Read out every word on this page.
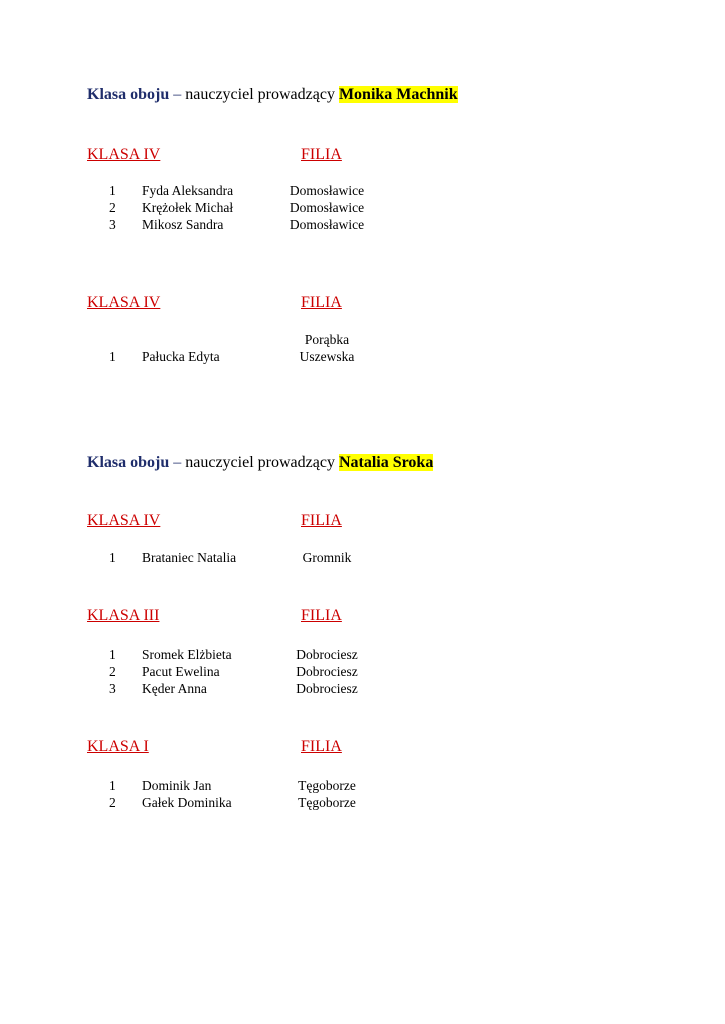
Klasa oboju – nauczyciel prowadzący Monika Machnik
KLASA IV	FILIA
1 Fyda Aleksandra	Domosławice
2 Krężołek Michał	Domosławice
3 Mikosz Sandra	Domosławice
KLASA IV	FILIA
Porąbka
1 Pałucka Edyta	Uszewska
Klasa oboju – nauczyciel prowadzący Natalia Sroka
KLASA IV	FILIA
1 Brataniec Natalia	Gromnik
KLASA III	FILIA
1 Sromek Elżbieta	Dobrociesz
2 Pacut Ewelina	Dobrociesz
3 Kęder Anna	Dobrociesz
KLASA I	FILIA
1 Dominik Jan	Tęgoborze
2 Gałek Dominika	Tęgoborze
